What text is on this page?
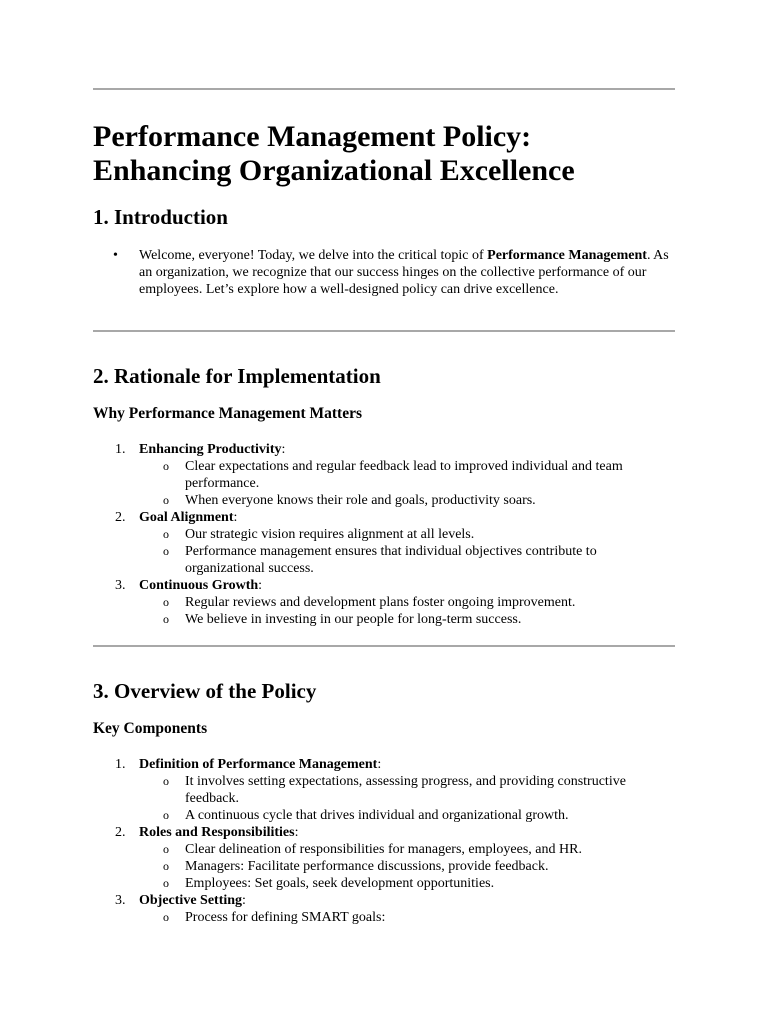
Performance Management Policy:
Enhancing Organizational Excellence
1. Introduction
• Welcome, everyone! Today, we delve into the critical topic of Performance Management. As an organization, we recognize that our success hinges on the collective performance of our employees. Let’s explore how a well-designed policy can drive excellence.
2. Rationale for Implementation
Why Performance Management Matters
1. Enhancing Productivity:
o Clear expectations and regular feedback lead to improved individual and team performance.
o When everyone knows their role and goals, productivity soars.
2. Goal Alignment:
o Our strategic vision requires alignment at all levels.
o Performance management ensures that individual objectives contribute to organizational success.
3. Continuous Growth:
o Regular reviews and development plans foster ongoing improvement.
o We believe in investing in our people for long-term success.
3. Overview of the Policy
Key Components
1. Definition of Performance Management:
o It involves setting expectations, assessing progress, and providing constructive feedback.
o A continuous cycle that drives individual and organizational growth.
2. Roles and Responsibilities:
o Clear delineation of responsibilities for managers, employees, and HR.
o Managers: Facilitate performance discussions, provide feedback.
o Employees: Set goals, seek development opportunities.
3. Objective Setting:
o Process for defining SMART goals:
